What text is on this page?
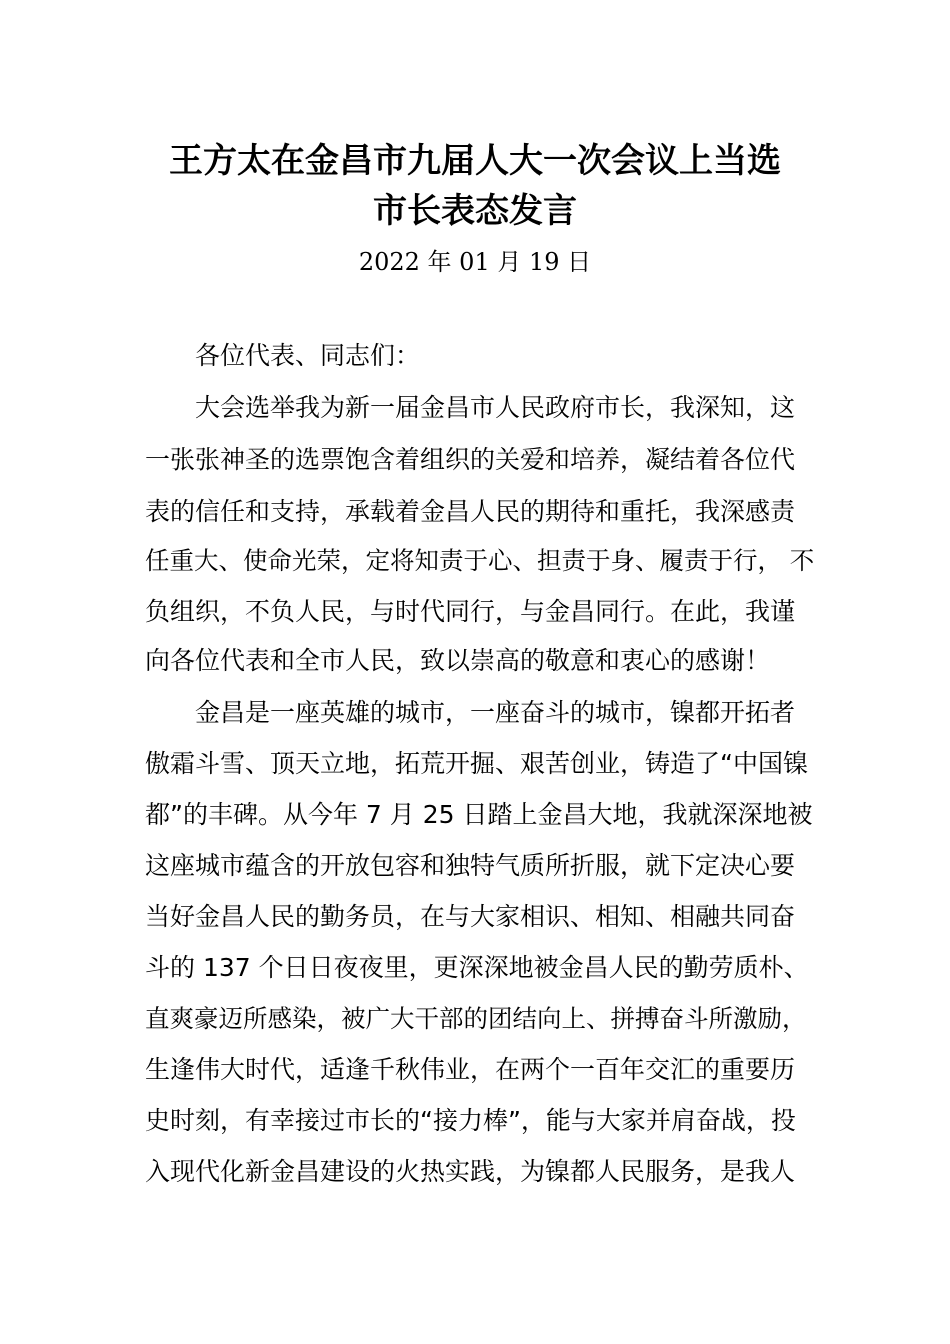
王方太在金昌市九届人大一次会议上当选
市长表态发言
2022 年 01 月 19 日
各位代表、同志们：
大会选举我为新一届金昌市人民政府市长，我深知，这
一张张神圣的选票饱含着组织的关爱和培养，凝结着各位代
表的信任和支持，承载着金昌人民的期待和重托，我深感责
任重大、使命光荣，定将知责于心、担责于身、履责于行， 不
负组织，不负人民，与时代同行，与金昌同行。在此，我谨
向各位代表和全市人民，致以崇高的敬意和衷心的感谢！
金昌是一座英雄的城市，一座奋斗的城市，镍都开拓者
傲霜斗雪、顶天立地，拓荒开掘、艰苦创业，铸造了“中国镍
都”的丰碑。从今年 7 月 25 日踏上金昌大地，我就深深地被
这座城市蕴含的开放包容和独特气质所折服，就下定决心要
当好金昌人民的勤务员，在与大家相识、相知、相融共同奋
斗的 137 个日日夜夜里，更深深地被金昌人民的勤劳质朴、
直爽豪迈所感染，被广大干部的团结向上、拼搏奋斗所激励，
生逢伟大时代，适逢千秋伟业，在两个一百年交汇的重要历
史时刻，有幸接过市长的“接力棒”，能与大家并肩奋战，投
入现代化新金昌建设的火热实践，为镍都人民服务，是我人
